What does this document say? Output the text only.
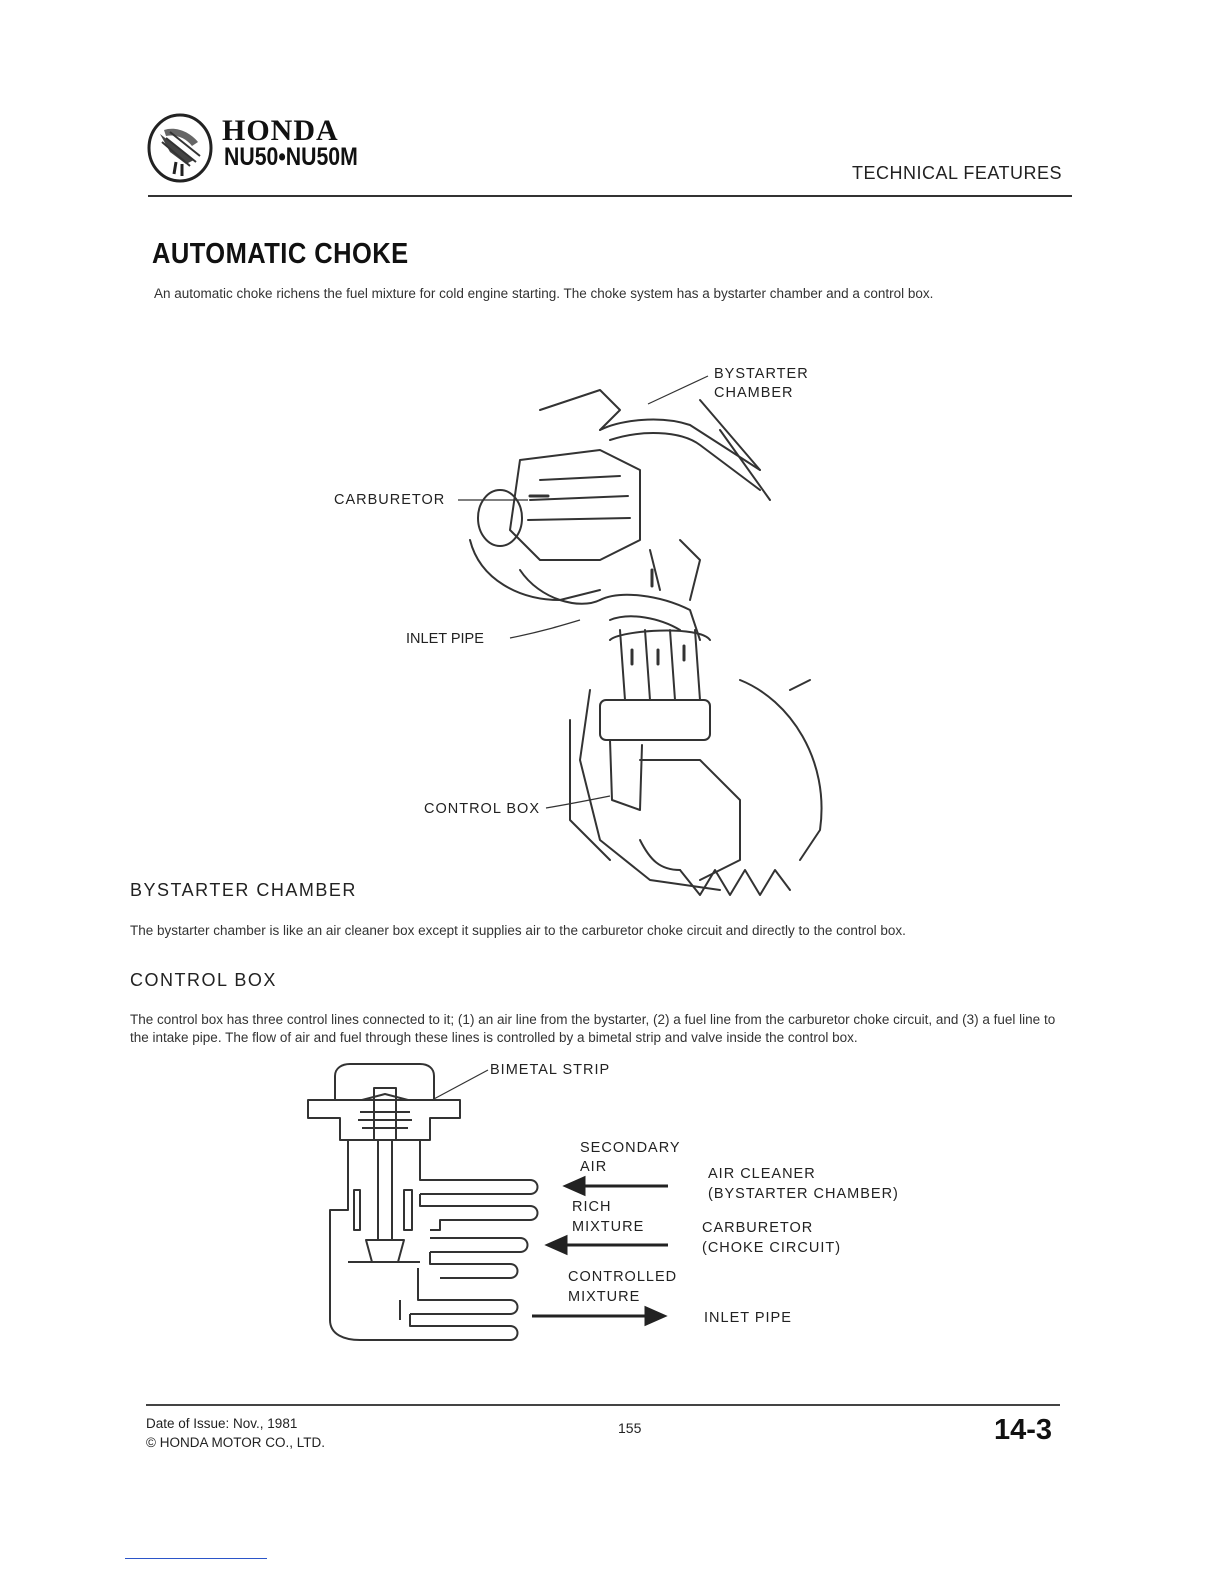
HONDA
NU50•NU50M
TECHNICAL FEATURES
AUTOMATIC CHOKE
An automatic choke richens the fuel mixture for cold engine starting. The choke system has a bystarter chamber and a control box.
BYSTARTER
CHAMBER
CARBURETOR
INLET PIPE
CONTROL BOX
BYSTARTER CHAMBER
The bystarter chamber is like an air cleaner box except it supplies air to the carburetor choke circuit and directly to the control box.
CONTROL BOX
The control box has three control lines connected to it; (1) an air line from the bystarter, (2) a fuel line from the carburetor choke circuit, and (3) a fuel line to the intake pipe. The flow of air and fuel through these lines is controlled by a bimetal strip and valve inside the control box.
BIMETAL STRIP
SECONDARY
AIR	AIR CLEANER
(BYSTARTER CHAMBER)
RICH
MIXTURE	CARBURETOR
(CHOKE CIRCUIT)
CONTROLLED
MIXTURE
INLET PIPE
Date of Issue: Nov., 1981
© HONDA MOTOR CO., LTD.
155	14-3
